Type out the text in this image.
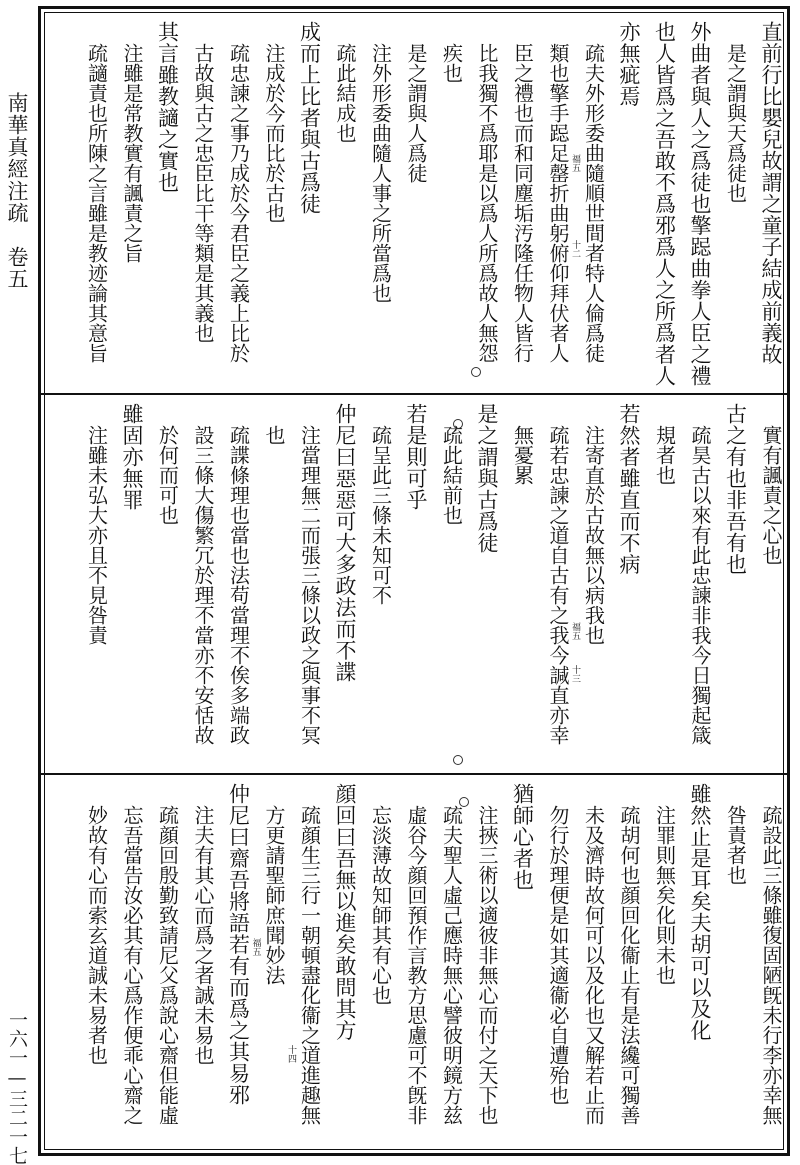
南華真經注疏　卷五
一六一—三二一七
直前行比嬰兒故謂之童子結成前義故
是之謂與天爲徒也
外曲者與人之爲徒也擎跽曲拳人臣之禮
也人皆爲之吾敢不爲邪爲人之所爲者人
亦無疵焉
疏夫外形委曲隨順世間者特人倫爲徒
類也擎手跽足罄折曲躬俯仰拜伏者人
臣之禮也而和同塵垢汚隆任物人皆行
比我獨不爲耶是以爲人所爲故人無怨
疾也
是之謂與人爲徒
注外形委曲隨人事之所當爲也
疏此結成也
成而上比者與古爲徒
注成於今而比於古也
疏忠諫之事乃成於今君臣之義上比於
古故與古之忠臣比干等類是其義也
其言雖教讁之實也
注雖是常教實有諷責之旨
疏讁責也所陳之言雖是教迹論其意旨	福五
十二
實有諷責之心也
古之有也非吾有也
疏昊古以來有此忠諫非我今日獨起箴
規者也
若然者雖直而不病
注寄直於古故無以病我也
疏若忠諫之道自古有之我今諴直亦幸
無憂累
是之謂與古爲徒
疏此結前也
若是則可乎
疏呈此三條未知可不
仲尼曰惡惡可大多政法而不諜
注當理無二而張三條以政之與事不冥
也
疏諜條理也當也法苟當理不俟多端政
設三條大傷繁冗於理不當亦不安恬故
於何而可也
雖固亦無罪
注雖未弘大亦且不見咎責	福五
十三
疏設此三條雖復固陋旣未行李亦幸無
咎責者也
雖然止是耳矣夫胡可以及化
注罪則無矣化則未也
疏胡何也顔回化衞止有是法纔可獨善
未及濟時故何可以及化也又解若止而
勿行於理便是如其適衞必自遭殆也
猶師心者也
注挾三術以適彼非無心而付之天下也
疏夫聖人虛己應時無心譬彼明鏡方兹
虛谷今顔回預作言教方思慮可不旣非
忘淡薄故知師其有心也
顔回曰吾無以進矣敢問其方
疏顔生三行一朝頓盡化衞之道進趣無
方更請聖師庶聞妙法
仲尼曰齋吾將語若有而爲之其易邪
注夫有其心而爲之者誠未易也
疏顔回殷勤致請尼父爲說心齋但能虛
忘吾當告汝必其有心爲作便乖心齋之
妙故有心而索玄道誠未易者也	福五
十四
